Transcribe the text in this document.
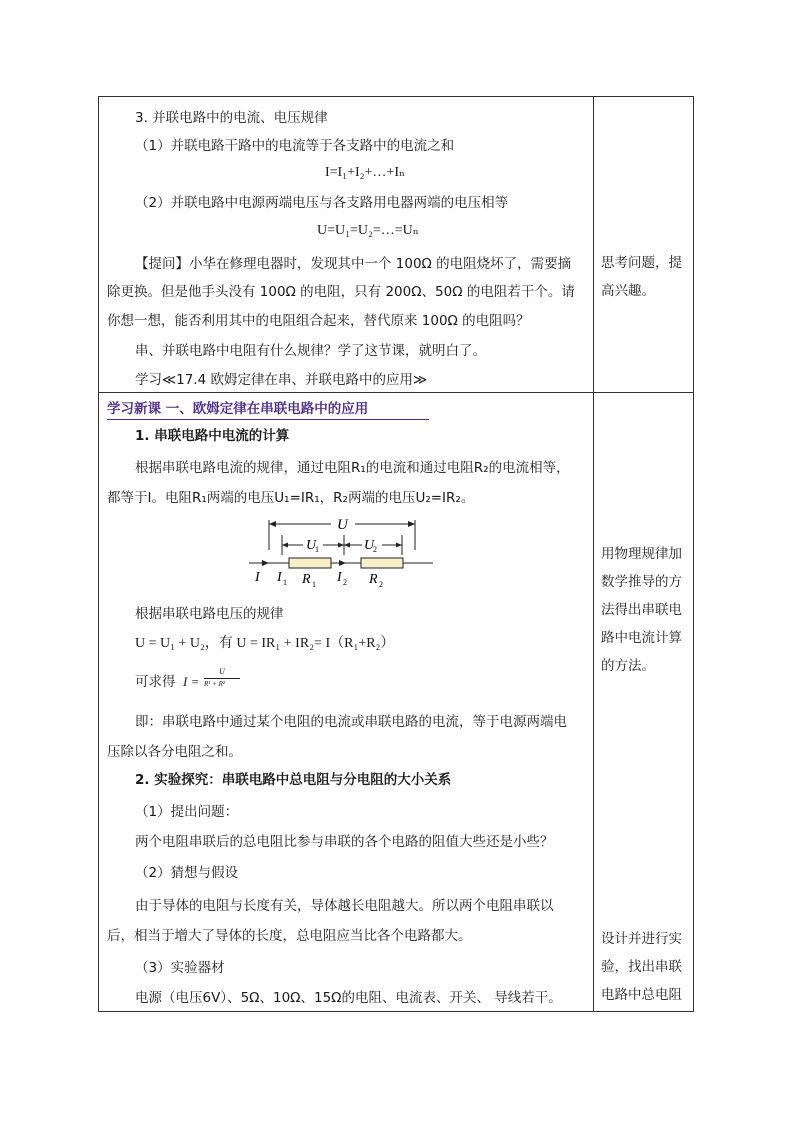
3. 并联电路中的电流、电压规律
（1）并联电路干路中的电流等于各支路中的电流之和
I=I₁+I₂+…+Iₙ
（2）并联电路中电源两端电压与各支路用电器两端的电压相等
U=U₁=U₂=…=Uₙ
【提问】小华在修理电器时，发现其中一个 100Ω 的电阻烧坏了，需要摘
除更换。但是他手头没有 100Ω 的电阻，只有 200Ω、50Ω 的电阻若干个。请
你想一想，能否利用其中的电阻组合起来，替代原来 100Ω 的电阻吗？
串、并联电路中电阻有什么规律？学了这节课，就明白了。
学习≪17.4 欧姆定律在串、并联电路中的应用≫
思考问题，提
高兴趣。
学习新课 一、欧姆定律在串联电路中的应用
1. 串联电路中电流的计算
根据串联电路电流的规律，通过电阻R₁的电流和通过电阻R₂的电流相等，
都等于I。电阻R₁两端的电压U₁=IR₁，R₂两端的电压U₂=IR₂。
U
U
1	U
2
I I 1 R 1 I 2 R 2
根据串联电路电压的规律
U = U₁ + U₂，有 U = IR₁ + IR₂= I（R₁+R₂）
可求得 I =
U
R¹ + R²
即：串联电路中通过某个电阻的电流或串联电路的电流，等于电源两端电
压除以各分电阻之和。
2. 实验探究：串联电路中总电阻与分电阻的大小关系
（1）提出问题：
两个电阻串联后的总电阻比参与串联的各个电路的阻值大些还是小些？
（2）猜想与假设
由于导体的电阻与长度有关，导体越长电阻越大。所以两个电阻串联以
后，相当于增大了导体的长度，总电阻应当比各个电路都大。
（3）实验器材
电源（电压6V）、5Ω、10Ω、15Ω的电阻、电流表、开关、 导线若干。
用物理规律加
数学推导的方
法得出串联电
路中电流计算
的方法。
设计并进行实
验，找出串联
电路中总电阻
